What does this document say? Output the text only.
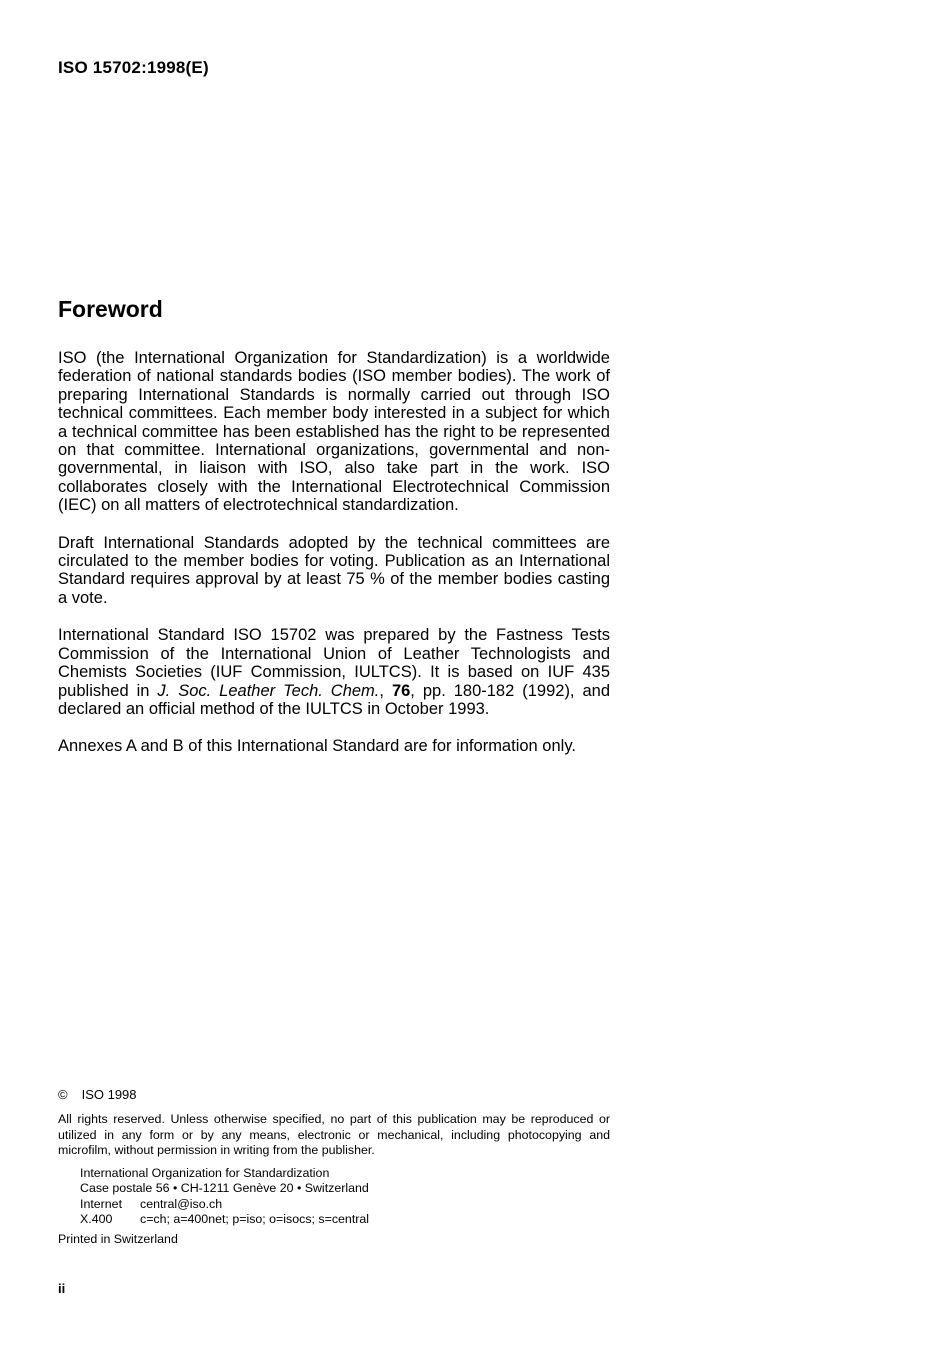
ISO 15702:1998(E)
Foreword

ISO (the International Organization for Standardization) is a worldwide federation of national standards bodies (ISO member bodies). The work of preparing International Standards is normally carried out through ISO technical committees. Each member body interested in a subject for which a technical committee has been established has the right to be represented on that committee. International organizations, governmental and non-governmental, in liaison with ISO, also take part in the work. ISO collaborates closely with the International Electrotechnical Commission (IEC) on all matters of electrotechnical standardization.

Draft International Standards adopted by the technical committees are circulated to the member bodies for voting. Publication as an International Standard requires approval by at least 75 % of the member bodies casting a vote.

International Standard ISO 15702 was prepared by the Fastness Tests Commission of the International Union of Leather Technologists and Chemists Societies (IUF Commission, IULTCS). It is based on IUF 435 published in J. Soc. Leather Tech. Chem., 76, pp. 180-182 (1992), and declared an official method of the IULTCS in October 1993.

Annexes A and B of this International Standard are for information only.

© ISO 1998

All rights reserved. Unless otherwise specified, no part of this publication may be reproduced or utilized in any form or by any means, electronic or mechanical, including photocopying and microfilm, without permission in writing from the publisher.

International Organization for Standardization
Case postale 56 • CH-1211 Genève 20 • Switzerland
Internet central@iso.ch
X.400 c=ch; a=400net; p=iso; o=isocs; s=central

Printed in Switzerland

ii
